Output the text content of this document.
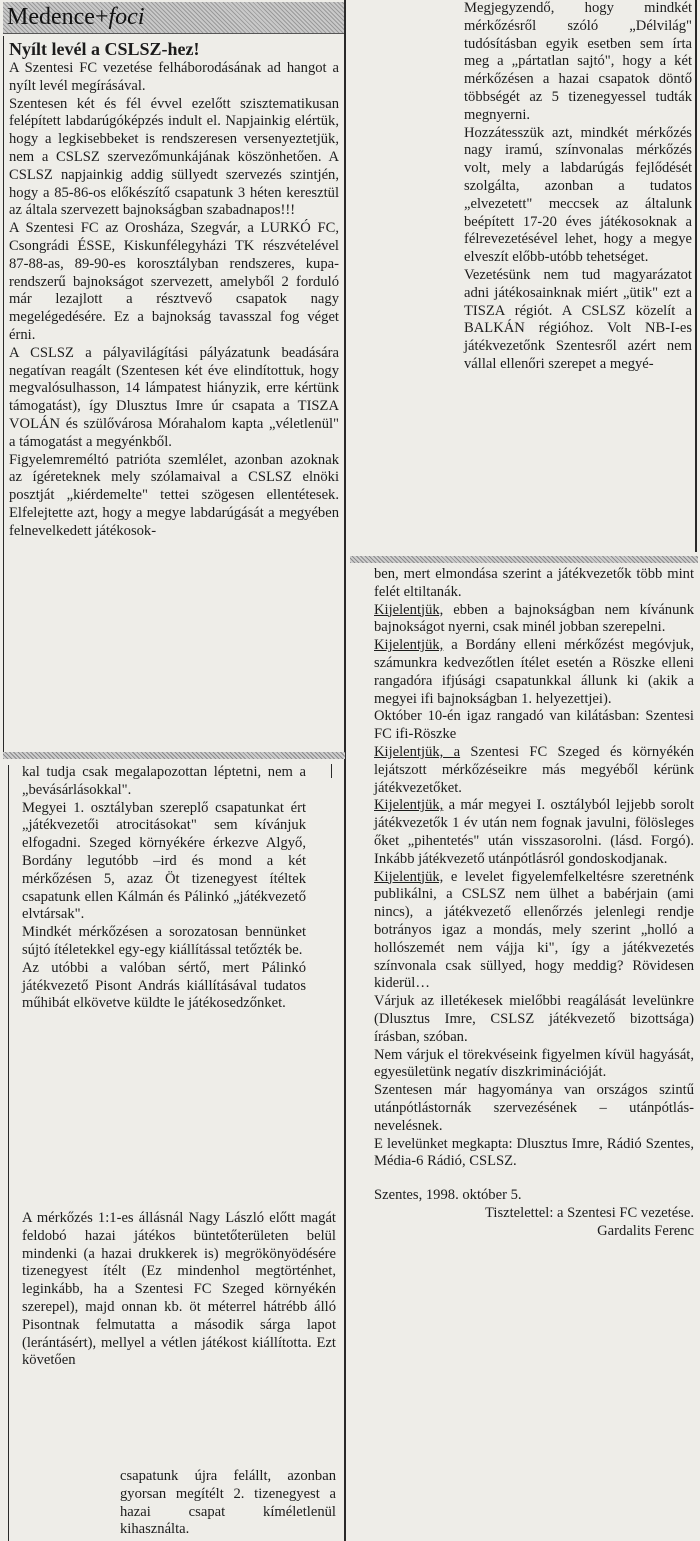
Medence+foci
Nyílt levél a CSLSZ-hez!

A Szentesi FC vezetése felháborodásának ad hangot a nyílt levél megírásával.

Szentesen két és fél évvel ezelőtt szisztematikusan felépített labdarúgóképzés indult el. Napjainkig elértük, hogy a legkisebbeket is rendszeresen versenyeztetjük, nem a CSLSZ szervezőmunkájának köszönhetően. A CSLSZ napjainkig addig süllyedt szervezés szintjén, hogy a 85-86-os előkészítő csapatunk 3 héten keresztül az általa szervezett bajnokságban szabadnapos!!!

A Szentesi FC az Orosháza, Szegvár, a LURKÓ FC, Csongrádi ÉSSE, Kiskunfélegyházi TK részvételével 87-88-as, 89-90-es korosztályban rendszeres, kupa-rendszerű bajnokságot szervezett, amelyből 2 forduló már lezajlott a résztvevő csapatok nagy megelégedésére. Ez a bajnokság tavasszal fog véget érni.

A CSLSZ a pályavilágítási pályázatunk beadására negatívan reagált (Szentesen két éve elindítottuk, hogy megvalósulhasson, 14 lámpatest hiányzik, erre kértünk támogatást), így Dlusztus Imre úr csapata a TISZA VOLÁN és szülővárosa Mórahalom kapta „véletlenül" a támogatást a megyénkből.

Figyelemreméltó patrióta szemlélet, azonban azoknak az ígéreteknek mely szólamaival a CSLSZ elnöki posztját „kiérdemelte" tettei szögesen ellentétesek. Elfelejtette azt, hogy a megye labdarúgását a megyében felnevelkedett játékosok-

kal tudja csak megalapozottan léptetni, nem a „bevásárlásokkal".

Megyei 1. osztályban szereplő csapatunkat ért „játékvezetői atrocitásokat" sem kívánjuk elfogadni. Szeged környékére érkezve Algyő, Bordány legutóbb –ird és mond a két mérkőzésen 5, azaz Öt tizenegyest ítéltek csapatunk ellen Kálmán és Pálinkó „játékvezető elvtársak".

Mindkét mérkőzésen a sorozatosan bennünket sújtó ítéletekkel egy-egy kiállítással tetőzték be.

Az utóbbi a valóban sértő, mert Pálinkó játékvezető Pisont András kiállításával tudatos műhibát elkövetve küldte le játékosedzőnket.

A mérkőzés 1:1-es állásnál Nagy László előtt magát feldobó hazai játékos büntetőterületen belül mindenki (a hazai drukkerek is) megrökönyödésére tizenegyest ítélt (Ez mindenhol megtörténhet, leginkább, ha a Szentesi FC Szeged környékén szerepel), majd onnan kb. öt méterrel hátrébb álló Pisontnak felmutatta a második sárga lapot (lerántásért), mellyel a vétlen játékost kiállította. Ezt követően

csapatunk újra felállt, azonban gyorsan megítélt 2. tizenegyest a hazai csapat kíméletlenül kihasználta.

Megjegyzendő, hogy mindkét mérkőzésről szóló „Délvilág" tudósításban egyik esetben sem írta meg a „pártatlan sajtó", hogy a két mérkőzésen a hazai csapatok döntő többségét az 5 tizenegyessel tudták megnyerni.

Hozzátesszük azt, mindkét mérkőzés nagy iramú, színvonalas mérkőzés volt, mely a labdarúgás fejlődését szolgálta, azonban a tudatos „elvezetett" meccsek az általunk beépített 17-20 éves játékosoknak a félrevezetésével lehet, hogy a megye elveszít előbb-utóbb tehetséget.

Vezetésünk nem tud magyarázatot adni játékosainknak miért „ütik" ezt a TISZA régiót. A CSLSZ közelít a BALKÁN régióhoz. Volt NB-I-es játékvezetőnk Szentesről azért nem vállal ellenőri szerepet a megyé-

ben, mert elmondása szerint a játékvezetők több mint felét eltiltanák.

Kijelentjük, ebben a bajnokságban nem kívánunk bajnokságot nyerni, csak minél jobban szerepelni.

Kijelentjük, a Bordány elleni mérkőzést megóvjuk, számunkra kedvezőtlen ítélet esetén a Röszke elleni rangadóra ifjúsági csapatunkkal állunk ki (akik a megyei ifi bajnokságban 1. helyezettjei).

Október 10-én igaz rangadó van kilátásban: Szentesi FC ifi-Röszke

Kijelentjük, a Szentesi FC Szeged és környékén lejátszott mérkőzéseikre más megyéből kérünk játékvezetőket.

Kijelentjük, a már megyei I. osztályból lejjebb sorolt játékvezetők 1 év után nem fognak javulni, fölösleges őket „pihentetés" után visszasorolni. (lásd. Forgó). Inkább játékvezető utánpótlásról gondoskodjanak.

Kijelentjük, e levelet figyelemfelkeltésre szeretnénk publikálni, a CSLSZ nem ülhet a babérjain (ami nincs), a játékvezető ellenőrzés jelenlegi rendje botrányos igaz a mondás, mely szerint „holló a hollószemét nem vájja ki", így a játékvezetés színvonala csak süllyed, hogy meddig? Rövidesen kiderül…

Várjuk az illetékesek mielőbbi reagálását levelünkre (Dlusztus Imre, CSLSZ játékvezető bizottsága) írásban, szóban.

Nem várjuk el törekvéseink figyelmen kívül hagyását, egyesületünk negatív diszkriminációját.

Szentesen már hagyománya van országos szintű utánpótlástornák szervezésének – utánpótlás-nevelésnek.

E levelünket megkapta: Dlusztus Imre, Rádió Szentes, Média-6 Rádió, CSLSZ.

Szentes, 1998. október 5.

Tisztelettel: a Szentesi FC vezetése.

Gardalits Ferenc
